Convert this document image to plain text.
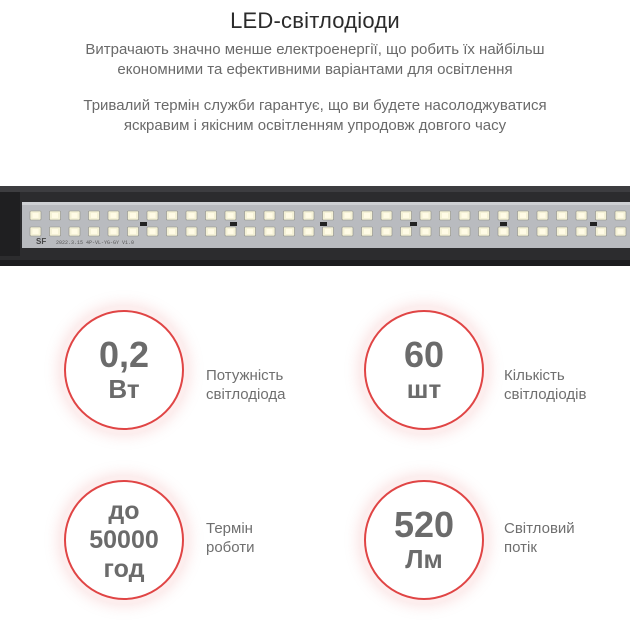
LED-світлодіоди
Витрачають значно менше електроенергії, що робить їх найбільш
економними та ефективними варіантами для освітлення
Тривалий термін служби гарантує, що ви будете насолоджуватися
яскравим і якісним освітленням упродовж довгого часу
SF 2022.3.15 4P-VL-YG-GY V1.0
0,2
Вт	Потужність
світлодіода
60
шт	Кількість
світлодіодів
до
50000
год
Термін
роботи
520
Лм
Світловий
потік
